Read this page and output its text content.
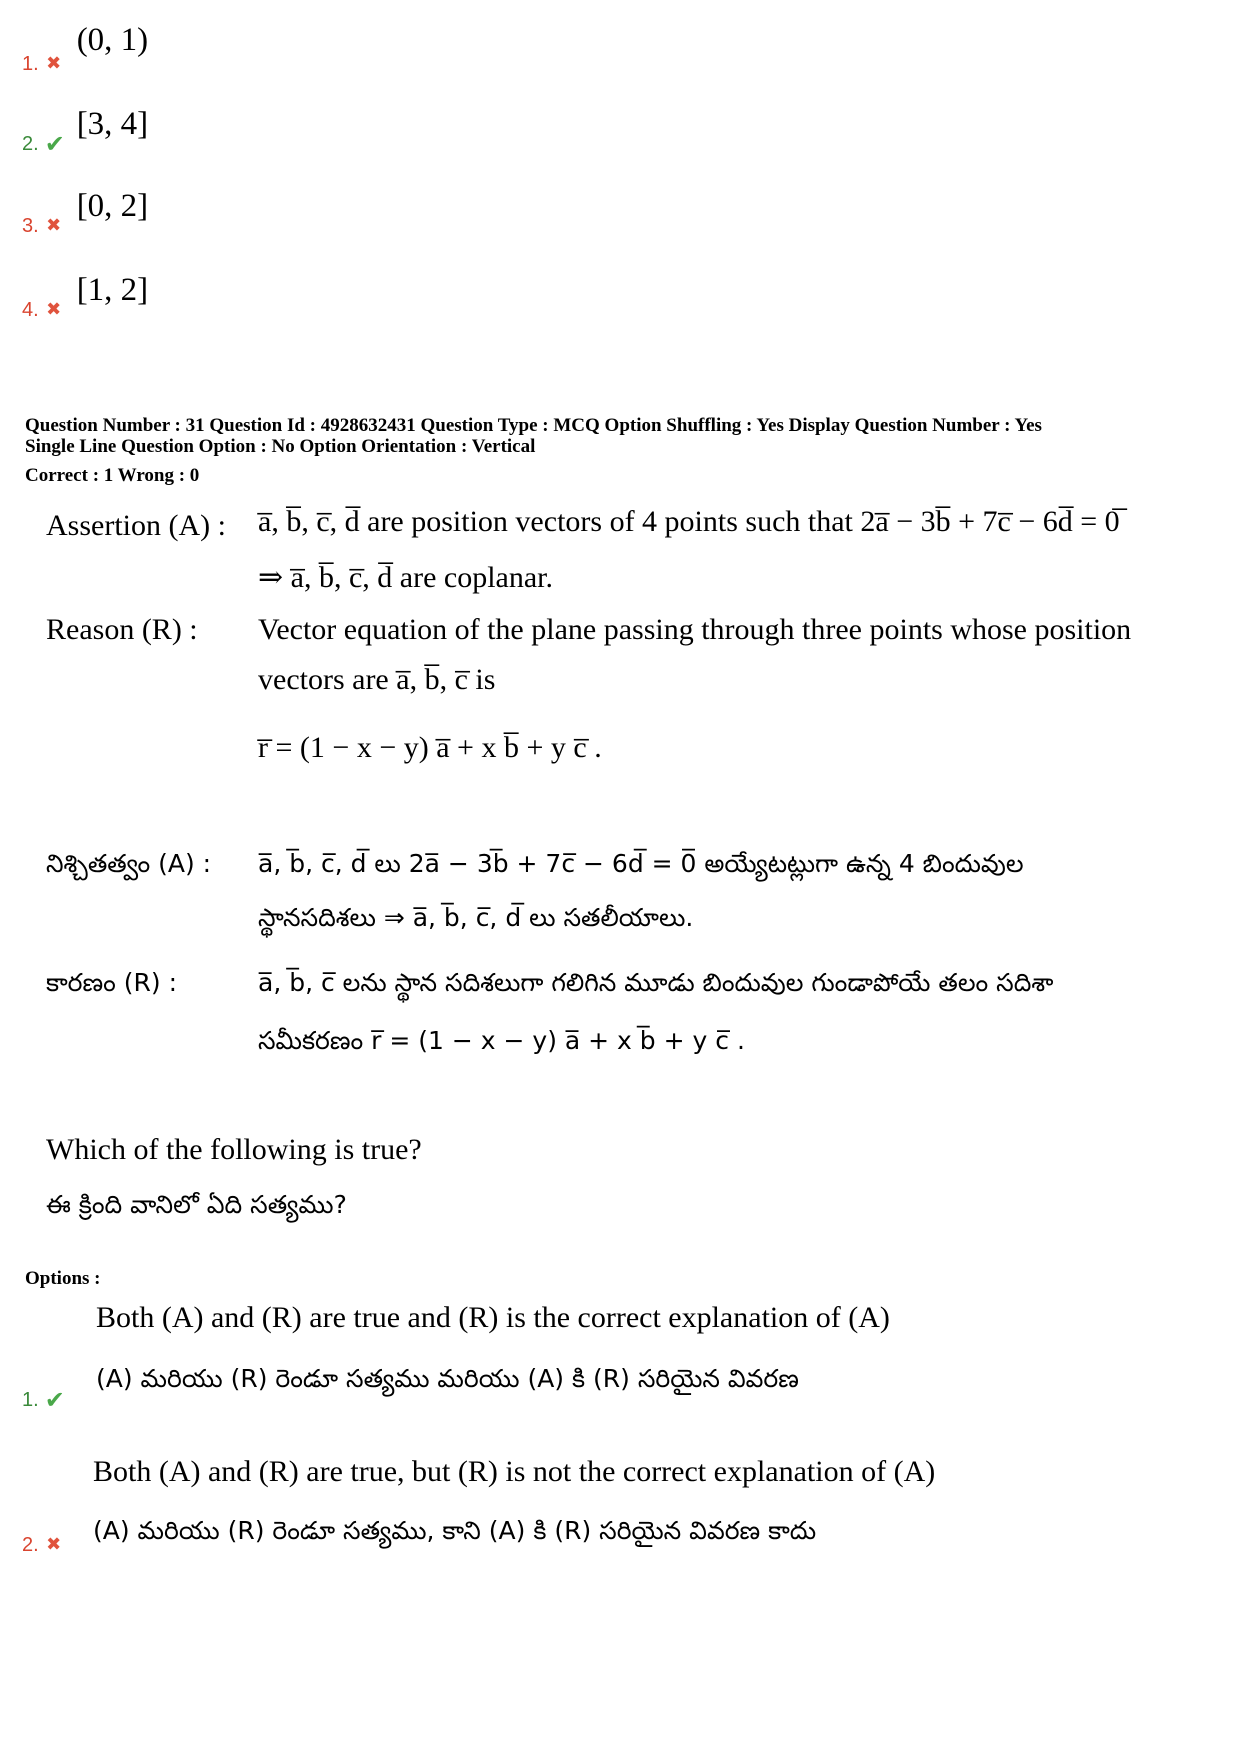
1. ✖
(0, 1)
2. ✔
[3, 4]
3. ✖
[0, 2]
4. ✖
[1, 2]
Question Number : 31 Question Id : 4928632431 Question Type : MCQ Option Shuffling : Yes Display Question Number : Yes
Single Line Question Option : No Option Orientation : Vertical
Correct : 1 Wrong : 0
Assertion (A) : a̅, b̅, c̅, d̅ are position vectors of 4 points such that 2a̅ − 3b̅ + 7c̅ − 6d̅ = 0̅
⇒ a̅, b̅, c̅, d̅ are coplanar.
Reason (R) : Vector equation of the plane passing through three points whose position
vectors are a̅, b̅, c̅ is
r̅ = (1 − x − y) a̅ + x b̅ + y c̅ .
నిశ్చితత్వం (A) : a̅, b̅, c̅, d̅ లు 2a̅ − 3b̅ + 7c̅ − 6d̅ = 0̅ అయ్యేటట్లుగా ఉన్న 4 బిందువుల
స్థానసదిశలు ⇒ a̅, b̅, c̅, d̅ లు సతలీయాలు.
కారణం (R) :	a̅, b̅, c̅ లను స్థాన సదిశలుగా గలిగిన మూడు బిందువుల గుండాపోయే తలం సదిశా
సమీకరణం r̅ = (1 − x − y) a̅ + x b̅ + y c̅ .
Which of the following is true?
ఈ క్రింది వానిలో ఏది సత్యము?
Options :
Both (A) and (R) are true and (R) is the correct explanation of (A)
(A) మరియు (R) రెండూ సత్యము మరియు (A) కి (R) సరియైన వివరణ
1. ✔
Both (A) and (R) are true, but (R) is not the correct explanation of (A)
(A) మరియు (R) రెండూ సత్యము, కాని (A) కి (R) సరియైన వివరణ కాదు
2. ✖
